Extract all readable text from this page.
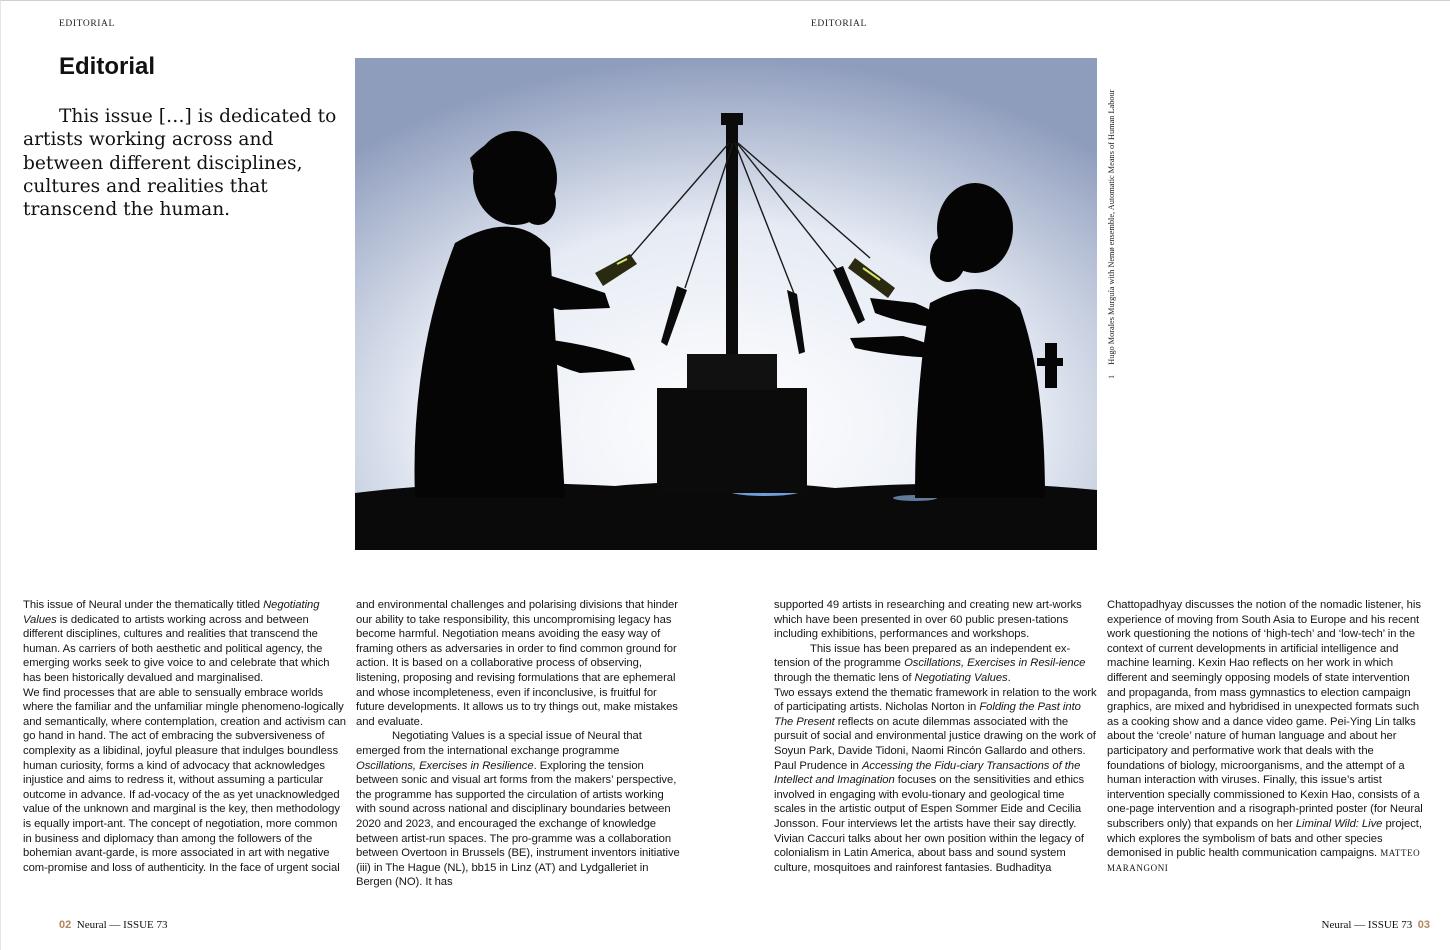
EDITORIAL	EDITORIAL
Editorial

This issue […] is dedicated to artists working across and between different disciplines, cultures and realities that transcend the human.

1 Hugo Morales Murguía with Nemø ensemble, Automatic Means of Human Labour

This issue of Neural under the thematically titled Negotiating Values is dedicated to artists working across and between different disciplines, cultures and realities that transcend the human. As carriers of both aesthetic and political agency, the emerging works seek to give voice to and celebrate that which has been historically devalued and marginalised.

We find processes that are able to sensually embrace worlds where the familiar and the unfamiliar mingle phenomeno-logically and semantically, where contemplation, creation and activism can go hand in hand. The act of embracing the subversiveness of complexity as a libidinal, joyful pleasure that indulges boundless human curiosity, forms a kind of advocacy that acknowledges injustice and aims to redress it, without assuming a particular outcome in advance. If ad-vocacy of the as yet unacknowledged value of the unknown and marginal is the key, then methodology is equally import-ant. The concept of negotiation, more common in business and diplomacy than among the followers of the bohemian avant-garde, is more associated in art with negative com-promise and loss of authenticity. In the face of urgent social

and environmental challenges and polarising divisions that hinder our ability to take responsibility, this uncompromising legacy has become harmful. Negotiation means avoiding the easy way of framing others as adversaries in order to find common ground for action. It is based on a collaborative process of observing, listening, proposing and revising formulations that are ephemeral and whose incompleteness, even if inconclusive, is fruitful for future developments. It allows us to try things out, make mistakes and evaluate.

Negotiating Values is a special issue of Neural that emerged from the international exchange programme Oscillations, Exercises in Resilience. Exploring the tension between sonic and visual art forms from the makers’ perspective, the programme has supported the circulation of artists working with sound across national and disciplinary boundaries between 2020 and 2023, and encouraged the exchange of knowledge between artist-run spaces. The pro-gramme was a collaboration between Overtoon in Brussels (BE), instrument inventors initiative (iii) in The Hague (NL), bb15 in Linz (AT) and Lydgalleriet in Bergen (NO). It has

supported 49 artists in researching and creating new art-works which have been presented in over 60 public presen-tations including exhibitions, performances and workshops.

This issue has been prepared as an independent ex-tension of the programme Oscillations, Exercises in Resil-ience through the thematic lens of Negotiating Values.

Two essays extend the thematic framework in relation to the work of participating artists. Nicholas Norton in Folding the Past into The Present reflects on acute dilemmas associated with the pursuit of social and environmental justice drawing on the work of Soyun Park, Davide Tidoni, Naomi Rincón Gallardo and others. Paul Prudence in Accessing the Fidu-ciary Transactions of the Intellect and Imagination focuses on the sensitivities and ethics involved in engaging with evolu-tionary and geological time scales in the artistic output of Espen Sommer Eide and Cecilia Jonsson. Four interviews let the artists have their say directly. Vivian Caccuri talks about her own position within the legacy of colonialism in Latin America, about bass and sound system culture, mosquitoes and rainforest fantasies. Budhaditya

Chattopadhyay discusses the notion of the nomadic listener, his experience of moving from South Asia to Europe and his recent work questioning the notions of ‘high-tech’ and ‘low-tech’ in the context of current developments in artificial intelligence and machine learning. Kexin Hao reflects on her work in which different and seemingly opposing models of state intervention and propaganda, from mass gymnastics to election campaign graphics, are mixed and hybridised in unexpected formats such as a cooking show and a dance video game. Pei-Ying Lin talks about the ‘creole’ nature of human language and about her participatory and performative work that deals with the foundations of biology, microorganisms, and the attempt of a human interaction with viruses. Finally, this issue’s artist intervention specially commissioned to Kexin Hao, consists of a one-page intervention and a risograph-printed poster (for Neural subscribers only) that expands on her Liminal Wild: Live project, which explores the symbolism of bats and other species demonised in public health communication campaigns. MATTEO MARANGONI

02 Neural — ISSUE 73	Neural — ISSUE 73 03
